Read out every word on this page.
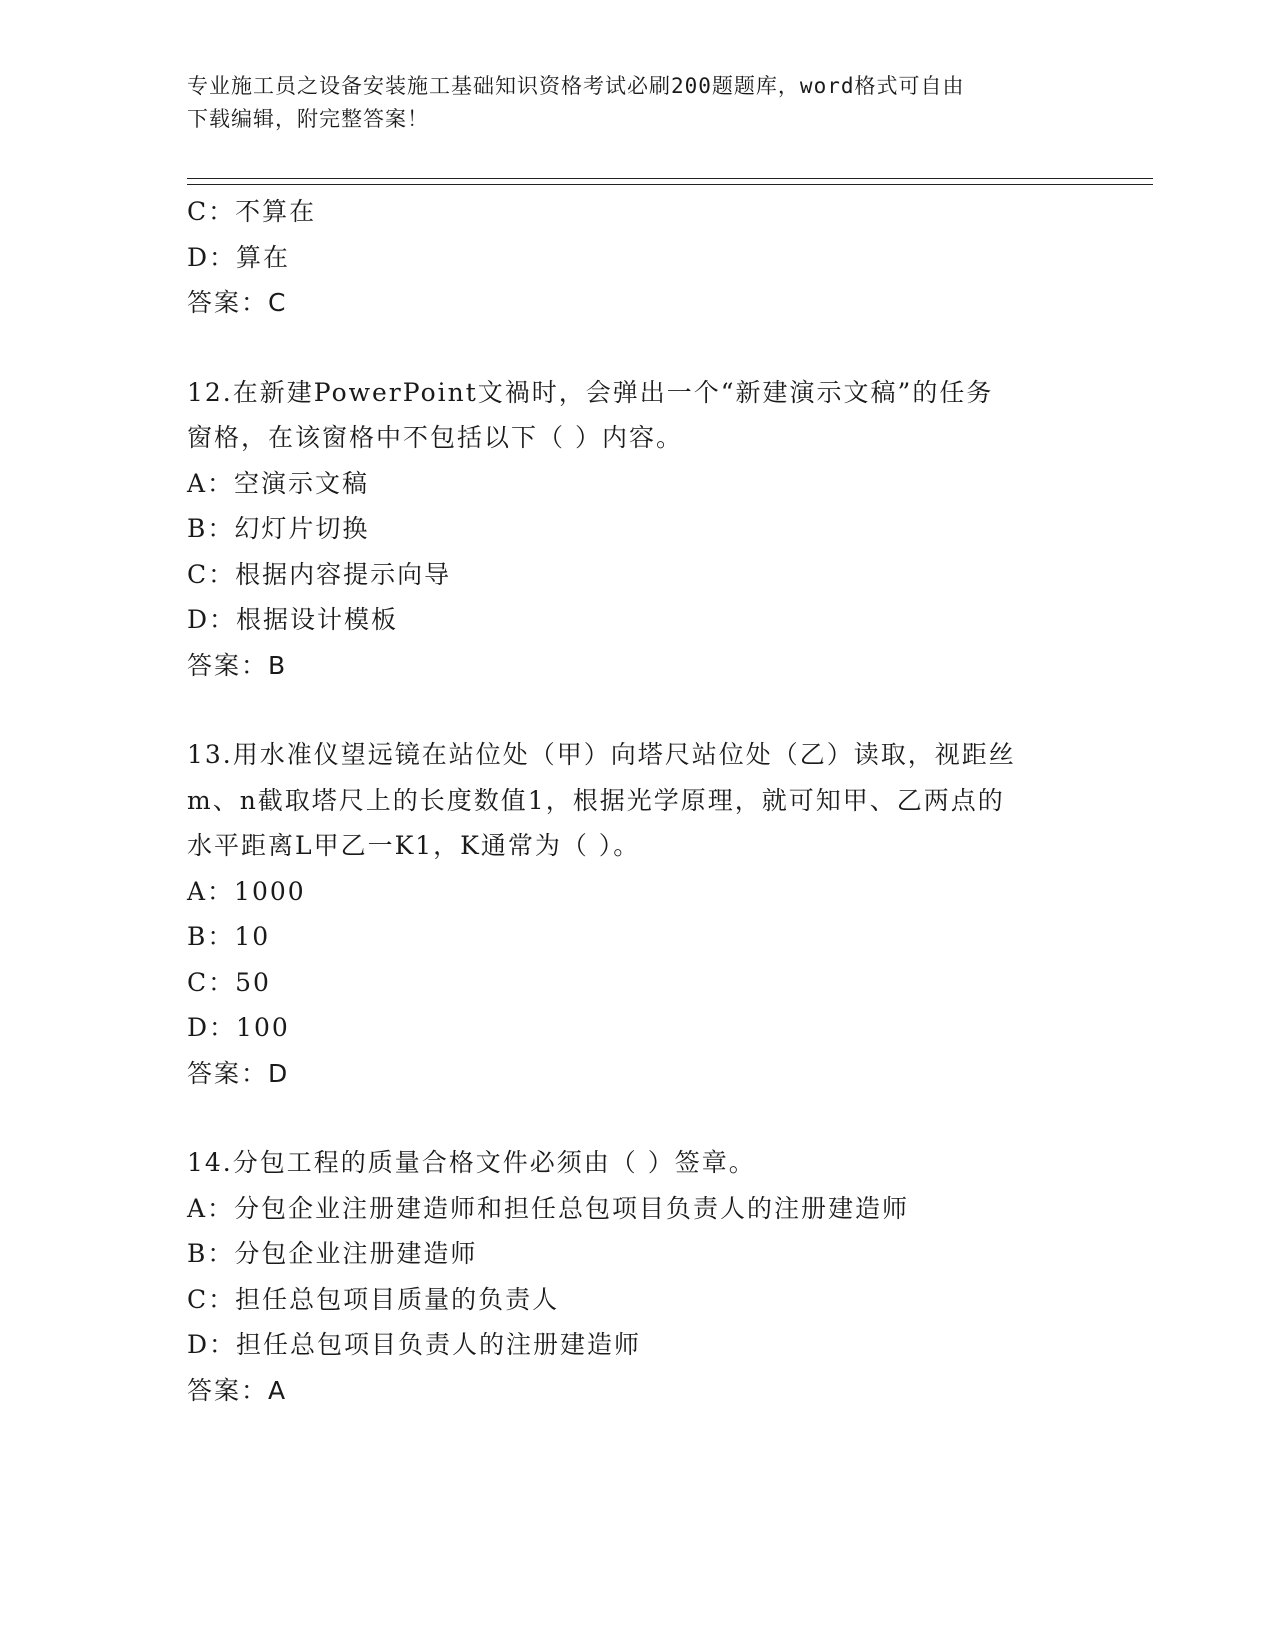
专业施工员之设备安装施工基础知识资格考试必刷200题题库，word格式可自由
下载编辑，附完整答案！
C：不算在
D：算在
答案：C
12.在新建PowerPoint文禍时，会弹出一个“新建演示文稿”的任务
窗格，在该窗格中不包括以下（ ）内容。
A：空演示文稿
B：幻灯片切换
C：根据内容提示向导
D：根据设计模板
答案：B
13.用水准仪望远镜在站位处（甲）向塔尺站位处（乙）读取，视距丝
m、n截取塔尺上的长度数值1，根据光学原理，就可知甲、乙两点的
水平距离L甲乙一K1，K通常为（ ）。
A：1000
B：10
C：50
D：100
答案：D
14.分包工程的质量合格文件必须由（ ）签章。
A：分包企业注册建造师和担任总包项目负责人的注册建造师
B：分包企业注册建造师
C：担任总包项目质量的负责人
D：担任总包项目负责人的注册建造师
答案：A
